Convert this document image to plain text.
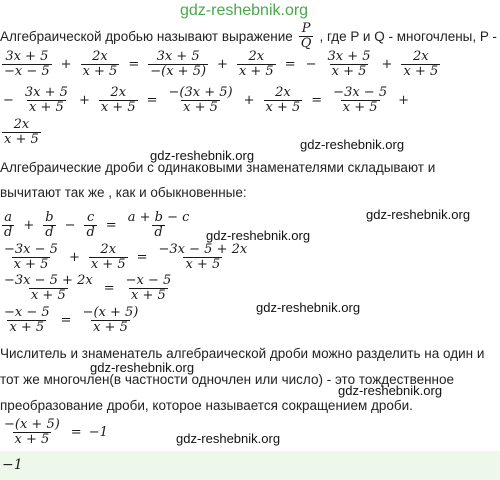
gdz-reshebnik.org
Алгебраической дробью называют выражение $\frac{P}{Q}$ , где P и Q - многочлены, P -
$\frac{3x + 5}{-x - 5} + \frac{2x}{x + 5} = \frac{3x + 5}{-(x + 5)} + \frac{2x}{x + 5}$ = − $\frac{3x + 5}{x + 5} + \frac{2x}{x + 5}$
− $\frac{3x + 5}{x + 5} + \frac{2x}{x + 5} = \frac{-(3x + 5)}{x + 5} + \frac{2x}{x + 5} = \frac{-3x - 5}{x + 5}$ +
$\frac{2x}{x + 5}$	gdz-reshebnik.org
gdz-reshebnik.org
Алгебраические дроби с одинаковыми знаменателями складывают и
вычитают так же , как и обыкновенные:
$\frac{a}{d} + \frac{b}{d} - \frac{c}{d} = \frac{a + b - c}{d}$	gdz-reshebnik.org
gdz-reshebnik.org
$\frac{-3x - 5}{x + 5} + \frac{2x}{x + 5} = \frac{-3x - 5 + 2x}{x + 5}$
$\frac{-3x - 5 + 2x}{x + 5} = \frac{-x - 5}{x + 5}$
gdz-reshebnik.org
$\frac{-x - 5}{x + 5} = \frac{-(x + 5)}{x + 5}$
Числитель и знаменатель алгебраической дроби можно разделить на один и
gdz-reshebnik.org
тот же многочлен(в частности одночлен или число) - это тождественное
gdz-reshebnik.org
преобразование дроби, которое называется сокращением дроби.
$\frac{-(x + 5)}{x + 5} = -1$	gdz-reshebnik.org
−1
